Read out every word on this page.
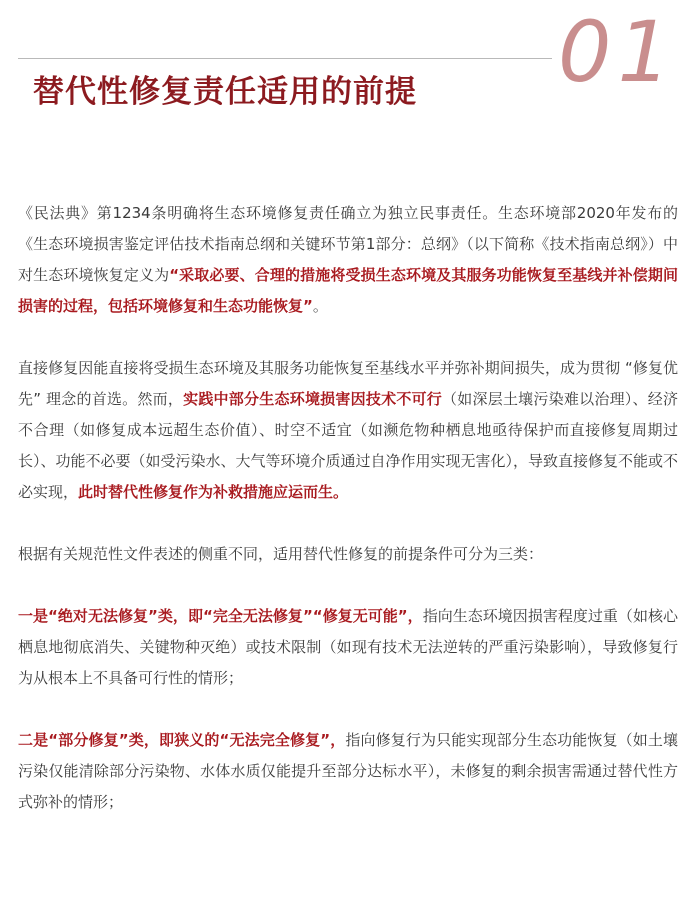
01
替代性修复责任适用的前提

《民法典》第1234条明确将生态环境修复责任确立为独立民事责任。生态环境部2020年发布的《生态环境损害鉴定评估技术指南总纲和关键环节第1部分：总纲》（以下简称《技术指南总纲》）中对生态环境恢复定义为“采取必要、合理的措施将受损生态环境及其服务功能恢复至基线并补偿期间损害的过程，包括环境修复和生态功能恢复”。

直接修复因能直接将受损生态环境及其服务功能恢复至基线水平并弥补期间损失，成为贯彻 “修复优先” 理念的首选。然而，实践中部分生态环境损害因技术不可行（如深层土壤污染难以治理）、经济不合理（如修复成本远超生态价值）、时空不适宜（如濒危物种栖息地亟待保护而直接修复周期过长）、功能不必要（如受污染水、大气等环境介质通过自净作用实现无害化），导致直接修复不能或不必实现，此时替代性修复作为补救措施应运而生。

根据有关规范性文件表述的侧重不同，适用替代性修复的前提条件可分为三类：

一是“绝对无法修复”类，即“完全无法修复”“修复无可能”，指向生态环境因损害程度过重（如核心栖息地彻底消失、关键物种灭绝）或技术限制（如现有技术无法逆转的严重污染影响），导致修复行为从根本上不具备可行性的情形；

二是“部分修复”类，即狭义的“无法完全修复”，指向修复行为只能实现部分生态功能恢复（如土壤污染仅能清除部分污染物、水体水质仅能提升至部分达标水平），未修复的剩余损害需通过替代性方式弥补的情形；
